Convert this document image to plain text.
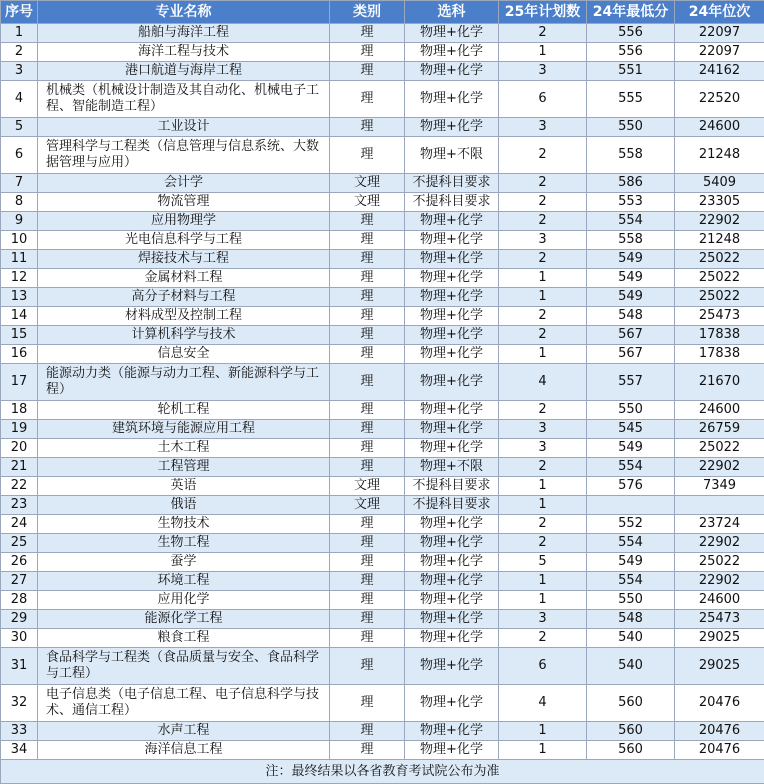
序号	专业名称	类别	选科	25年计划数	24年最低分	24年位次
1	船舶与海洋工程	理	物理+化学	2	556	22097
2	海洋工程与技术	理	物理+化学	1	556	22097
3	港口航道与海岸工程	理	物理+化学	3	551	24162
4	机械类（机械设计制造及其自动化、机械电子工程、智能制造工程）	理	物理+化学	6	555	22520
5	工业设计	理	物理+化学	3	550	24600
6	管理科学与工程类（信息管理与信息系统、大数据管理与应用）	理	物理+不限	2	558	21248
7	会计学	文理	不提科目要求	2	586	5409
8	物流管理	文理	不提科目要求	2	553	23305
9	应用物理学	理	物理+化学	2	554	22902
10	光电信息科学与工程	理	物理+化学	3	558	21248
11	焊接技术与工程	理	物理+化学	2	549	25022
12	金属材料工程	理	物理+化学	1	549	25022
13	高分子材料与工程	理	物理+化学	1	549	25022
14	材料成型及控制工程	理	物理+化学	2	548	25473
15	计算机科学与技术	理	物理+化学	2	567	17838
16	信息安全	理	物理+化学	1	567	17838
17	能源动力类（能源与动力工程、新能源科学与工程）	理	物理+化学	4	557	21670
18	轮机工程	理	物理+化学	2	550	24600
19	建筑环境与能源应用工程	理	物理+化学	3	545	26759
20	土木工程	理	物理+化学	3	549	25022
21	工程管理	理	物理+不限	2	554	22902
22	英语	文理	不提科目要求	1	576	7349
23	俄语	文理	不提科目要求	1		
24	生物技术	理	物理+化学	2	552	23724
25	生物工程	理	物理+化学	2	554	22902
26	蚕学	理	物理+化学	5	549	25022
27	环境工程	理	物理+化学	1	554	22902
28	应用化学	理	物理+化学	1	550	24600
29	能源化学工程	理	物理+化学	3	548	25473
30	粮食工程	理	物理+化学	2	540	29025
31	食品科学与工程类（食品质量与安全、食品科学与工程）	理	物理+化学	6	540	29025
32	电子信息类（电子信息工程、电子信息科学与技术、通信工程）	理	物理+化学	4	560	20476
33	水声工程	理	物理+化学	1	560	20476
34	海洋信息工程	理	物理+化学	1	560	20476
注：最终结果以各省教育考试院公布为准						
